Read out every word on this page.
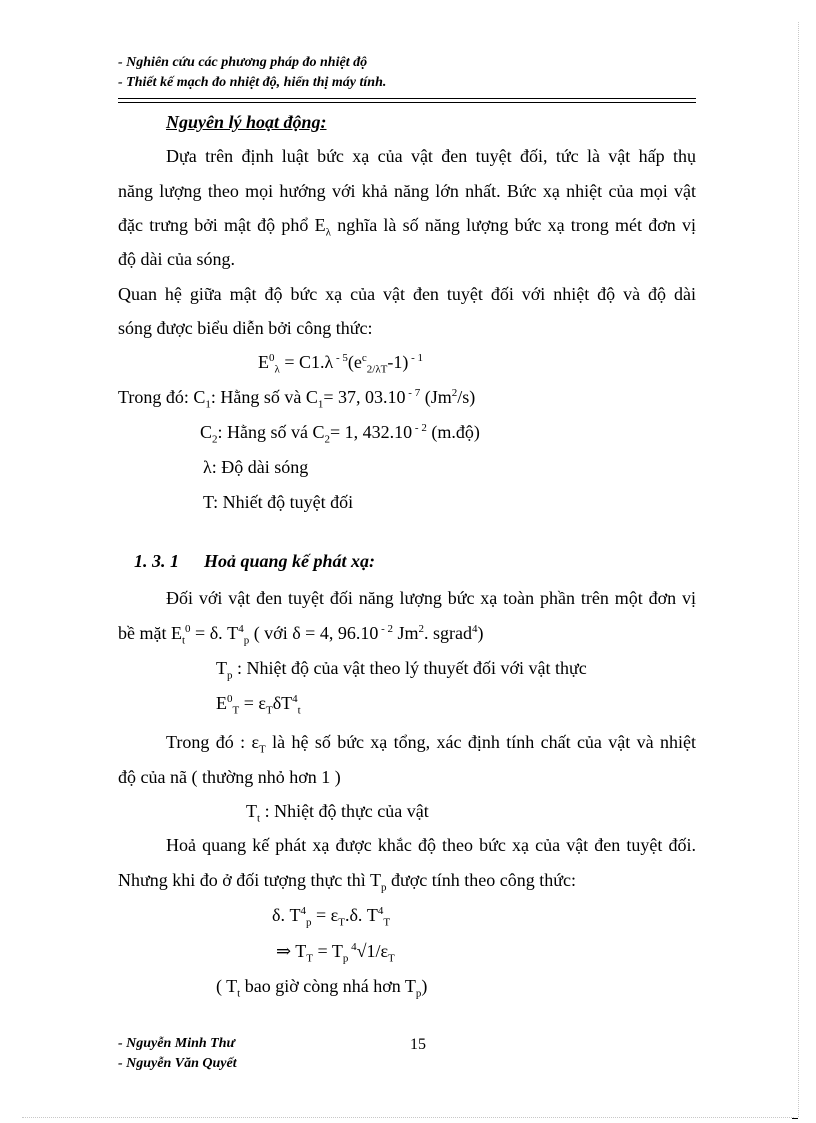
- Nghiên cứu các phương pháp đo nhiệt độ
- Thiết kế mạch đo nhiệt độ, hiển thị máy tính.
Nguyên lý hoạt động:
Dựa trên định luật bức xạ của vật đen tuyệt đối, tức là vật hấp thụ
năng lượng theo mọi hướng với khả năng lớn nhất. Bức xạ nhiệt của mọi vật
đặc trưng bởi mật độ phổ $E_\lambda$ nghĩa là số năng lượng bức xạ trong mét đơn vị
độ dài của sóng.
Quan hệ giữa mật độ bức xạ của vật đen tuyệt đối với nhiệt độ và độ dài
sóng được biểu diễn bởi công thức:
$E^0_\lambda = C1.\lambda$ $^{- 5}(e^c_{2/\lambda T}-1)$ $^{- 1}$
Trong đó: $C_1$: Hằng số và $C_1= 37$, 03.10 $^{- 7}$ (Jm$^2$/s)
$C_2$: Hằng số vá $C_2= 1$, 432.10 $^{- 2}$ (m.độ)
λ: Độ dài sóng
T: Nhiết độ tuyệt đối
1. 3. 1 Hoả quang kế phát xạ:
Đối với vật đen tuyệt đối năng lượng bức xạ toàn phần trên một đơn vị
bề mặt $E_t^0 = \delta$. $T^4_p$ ( với δ = 4, 96.10 $^{- 2}$ Jm$^2$. sgrad$^4$)
$T_p$ : Nhiệt độ của vật theo lý thuyết đối với vật thực
$E^0_T = \varepsilon_T\delta T^4_t$
Trong đó : $\varepsilon_T$ là hệ số bức xạ tổng, xác định tính chất của vật và nhiệt
độ của nã ( thường nhỏ hơn 1 )
$T_t$ : Nhiệt độ thực của vật
Hoả quang kế phát xạ được khắc độ theo bức xạ của vật đen tuyệt đối.
Nhưng khi đo ở đối tượng thực thì $T_p$ được tính theo công thức:
δ. $T^4_p = \varepsilon_T.\delta$. $T^4_T$
⇒ $T_T = T_p$ $^4√1/\varepsilon_T$
( $T_t$ bao giờ còng nhá hơn $T_p$)
- Nguyễn Minh Thư
- Nguyễn Văn Quyết
15
